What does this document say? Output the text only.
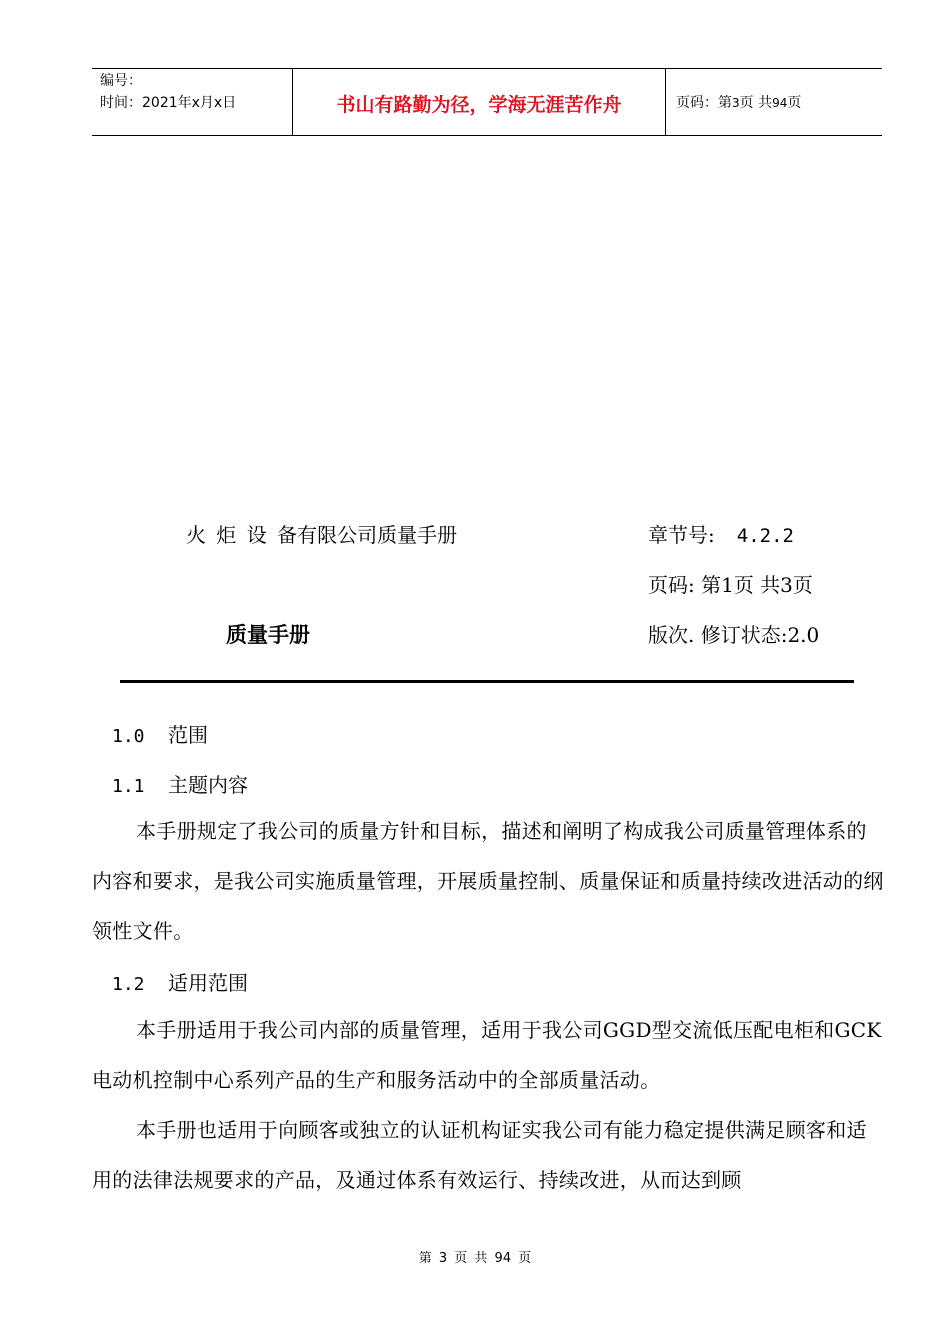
编号：
时间：2021年x月x日	书山有路勤为径，学海无涯苦作舟	页码：第3页 共94页
火 炬 设 备有限公司质量手册	章节号: 4.2.2
页码: 第1页 共3页
质量手册	版次. 修订状态:2.0
1.0 范围
1.1 主题内容
本手册规定了我公司的质量方针和目标，描述和阐明了构成我公司质量管理体系的内容和要求，是我公司实施质量管理，开展质量控制、质量保证和质量持续改进活动的纲领性文件。
1.2 适用范围
本手册适用于我公司内部的质量管理，适用于我公司GGD型交流低压配电柜和GCK电动机控制中心系列产品的生产和服务活动中的全部质量活动。
本手册也适用于向顾客或独立的认证机构证实我公司有能力稳定提供满足顾客和适用的法律法规要求的产品，及通过体系有效运行、持续改进，从而达到顾
第 3 页 共 94 页
